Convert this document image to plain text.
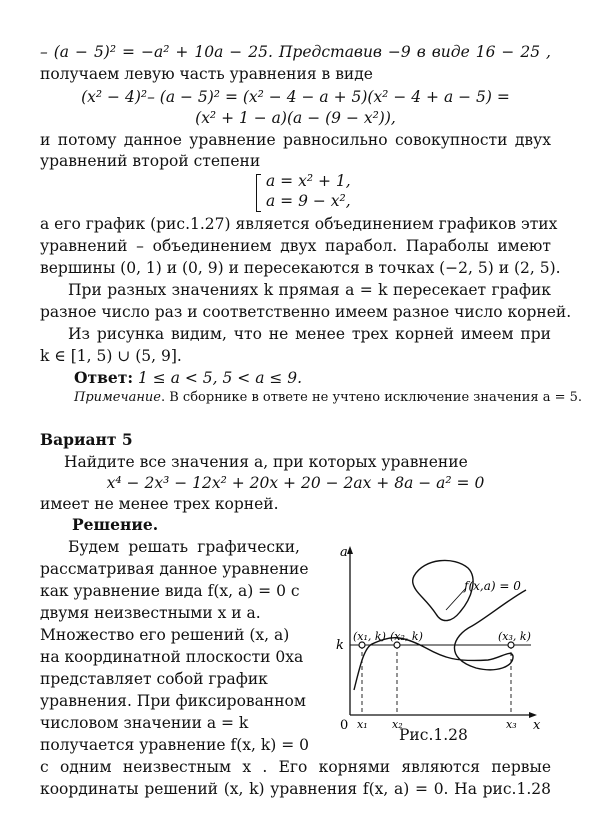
– (a − 5)² = −a² + 10a − 25. Представив −9 в виде 16 − 25 ,
получаем левую часть уравнения в виде
(x² − 4)²– (a − 5)² = (x² − 4 − a + 5)(x² − 4 + a − 5) =
(x² + 1 − a)(a − (9 − x²)),
и потому данное уравнение равносильно совокупности двух
уравнений второй степени
a = x² + 1,
a = 9 − x²,
а его график (рис.1.27) является объединением графиков этих
уравнений – объединением двух парабол. Параболы имеют
вершины (0, 1) и (0, 9) и пересекаются в точках (−2, 5) и (2, 5).
При разных значениях k прямая a = k пересекает график
разное число раз и соответственно имеем разное число корней.
Из рисунка видим, что не менее трех корней имеем при
k ∈ [1, 5) ∪ (5, 9].
Ответ: 1 ≤ a < 5, 5 < a ≤ 9.
Примечание. В сборнике в ответе не учтено исключение значения a = 5.
Вариант 5
Найдите все значения a, при которых уравнение
x⁴ − 2x³ − 12x² + 20x + 20 − 2ax + 8a − a² = 0
имеет не менее трех корней.
Решение.
Будем решать графически,
рассматривая данное уравнение
как уравнение вида f(x, a) = 0 с
двумя неизвестными x и a.
Множество его решений (x, a)
на координатной плоскости 0xa
представляет собой график
уравнения. При фиксированном
числовом значении a = k
получается уравнение f(x, k) = 0
с одним неизвестным x . Его корнями являются первые
координаты решений (x, k) уравнения f(x, a) = 0. На рис.1.28
a
x
0
k
f(x,a) = 0
(x₁, k) (x₂, k)	(x₃, k)
x₁ x₂	x₃
Рис.1.28
